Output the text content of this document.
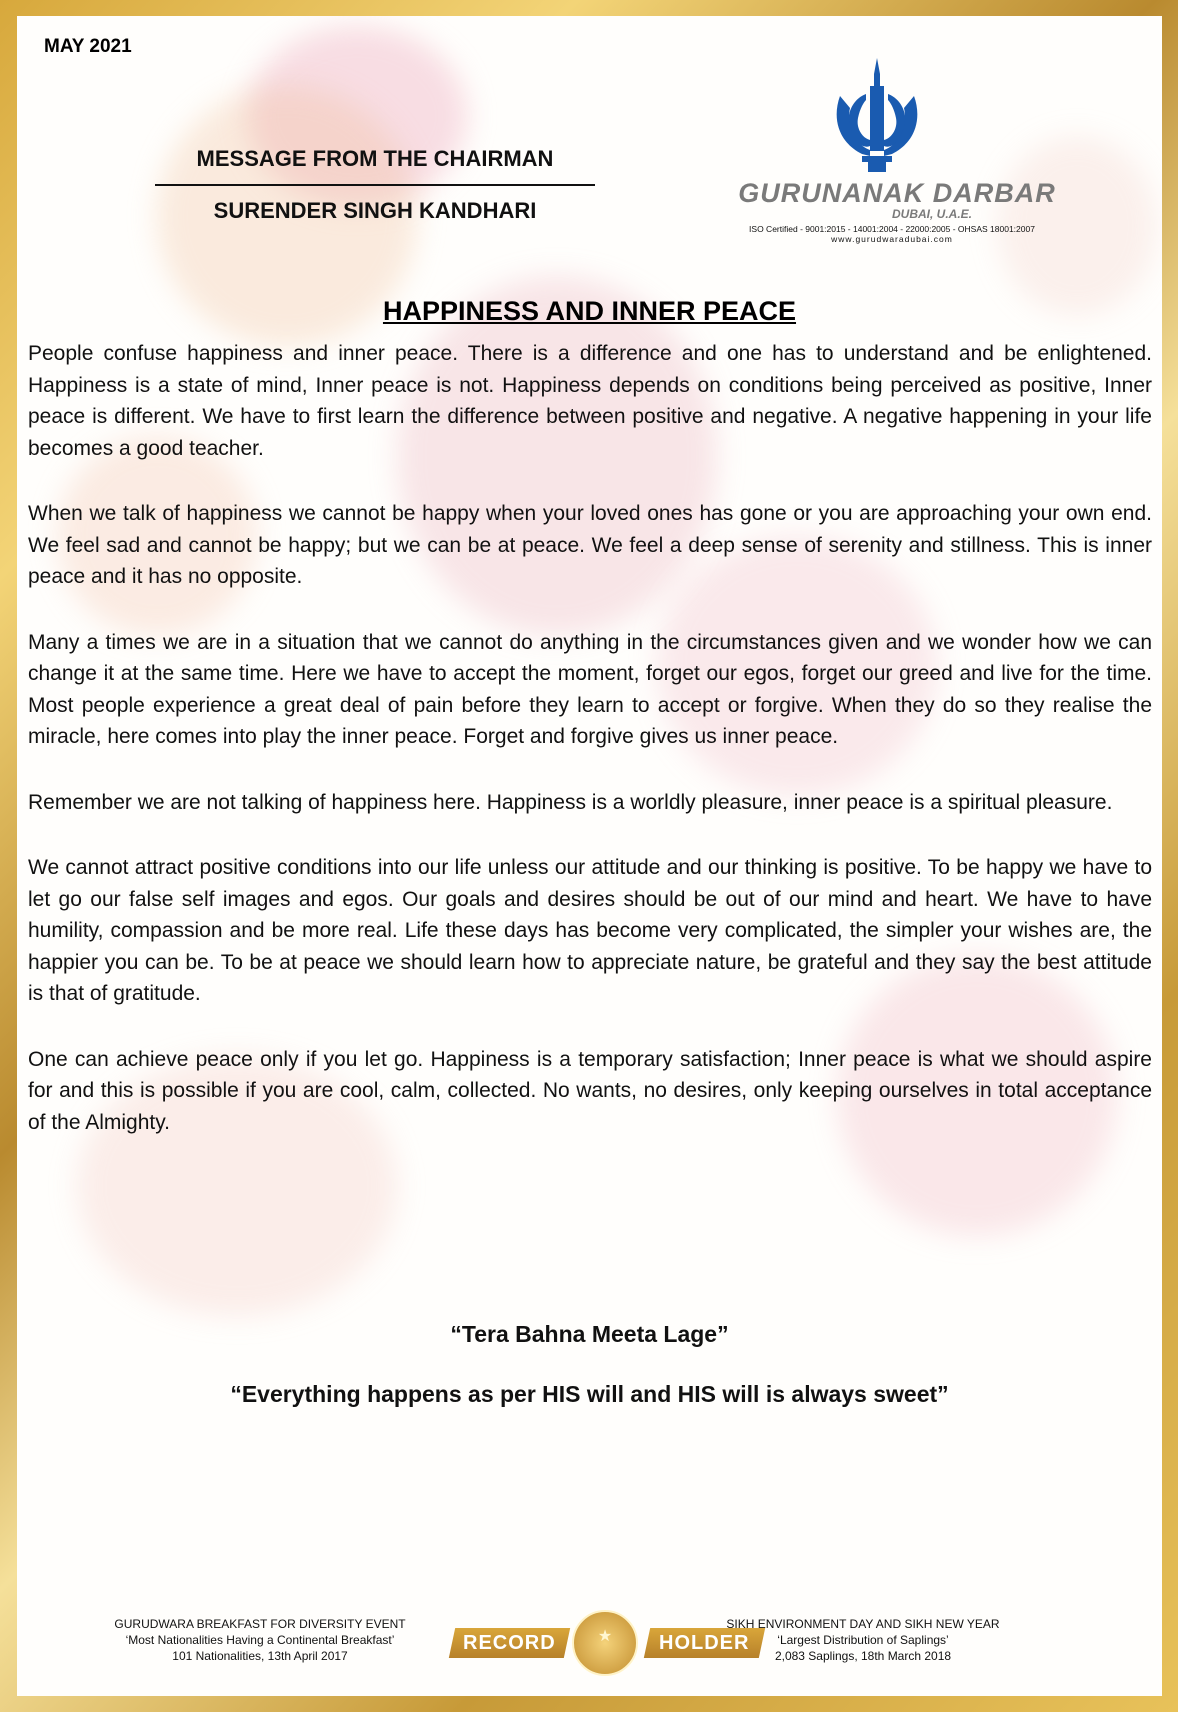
MAY 2021
MESSAGE FROM THE CHAIRMAN
SURENDER SINGH KANDHARI
GURUNANAK DARBAR
DUBAI, U.A.E.
ISO Certified - 9001:2015 - 14001:2004 - 22000:2005 - OHSAS 18001:2007
www.gurudwaradubai.com
HAPPINESS AND INNER PEACE

People confuse happiness and inner peace. There is a difference and one has to understand and be enlightened. Happiness is a state of mind, Inner peace is not. Happiness depends on conditions being perceived as positive, Inner peace is different. We have to first learn the difference between positive and negative. A negative happening in your life becomes a good teacher.

When we talk of happiness we cannot be happy when your loved ones has gone or you are approaching your own end. We feel sad and cannot be happy; but we can be at peace. We feel a deep sense of serenity and stillness. This is inner peace and it has no opposite.

Many a times we are in a situation that we cannot do anything in the circumstances given and we wonder how we can change it at the same time. Here we have to accept the moment, forget our egos, forget our greed and live for the time. Most people experience a great deal of pain before they learn to accept or forgive. When they do so they realise the miracle, here comes into play the inner peace. Forget and forgive gives us inner peace.

Remember we are not talking of happiness here. Happiness is a worldly pleasure, inner peace is a spiritual pleasure.

We cannot attract positive conditions into our life unless our attitude and our thinking is positive. To be happy we have to let go our false self images and egos. Our goals and desires should be out of our mind and heart. We have to have humility, compassion and be more real. Life these days has become very complicated, the simpler your wishes are, the happier you can be. To be at peace we should learn how to appreciate nature, be grateful and they say the best attitude is that of gratitude.

One can achieve peace only if you let go. Happiness is a temporary satisfaction; Inner peace is what we should aspire for and this is possible if you are cool, calm, collected. No wants, no desires, only keeping ourselves in total acceptance of the Almighty.

“Tera Bahna Meeta Lage”
“Everything happens as per HIS will and HIS will is always sweet”
GURUDWARA BREAKFAST FOR DIVERSITY EVENT
‘Most Nationalities Having a Continental Breakfast’
101 Nationalities, 13th April 2017
RECORD	★	HOLDER
SIKH ENVIRONMENT DAY AND SIKH NEW YEAR
‘Largest Distribution of Saplings’
2,083 Saplings, 18th March 2018
